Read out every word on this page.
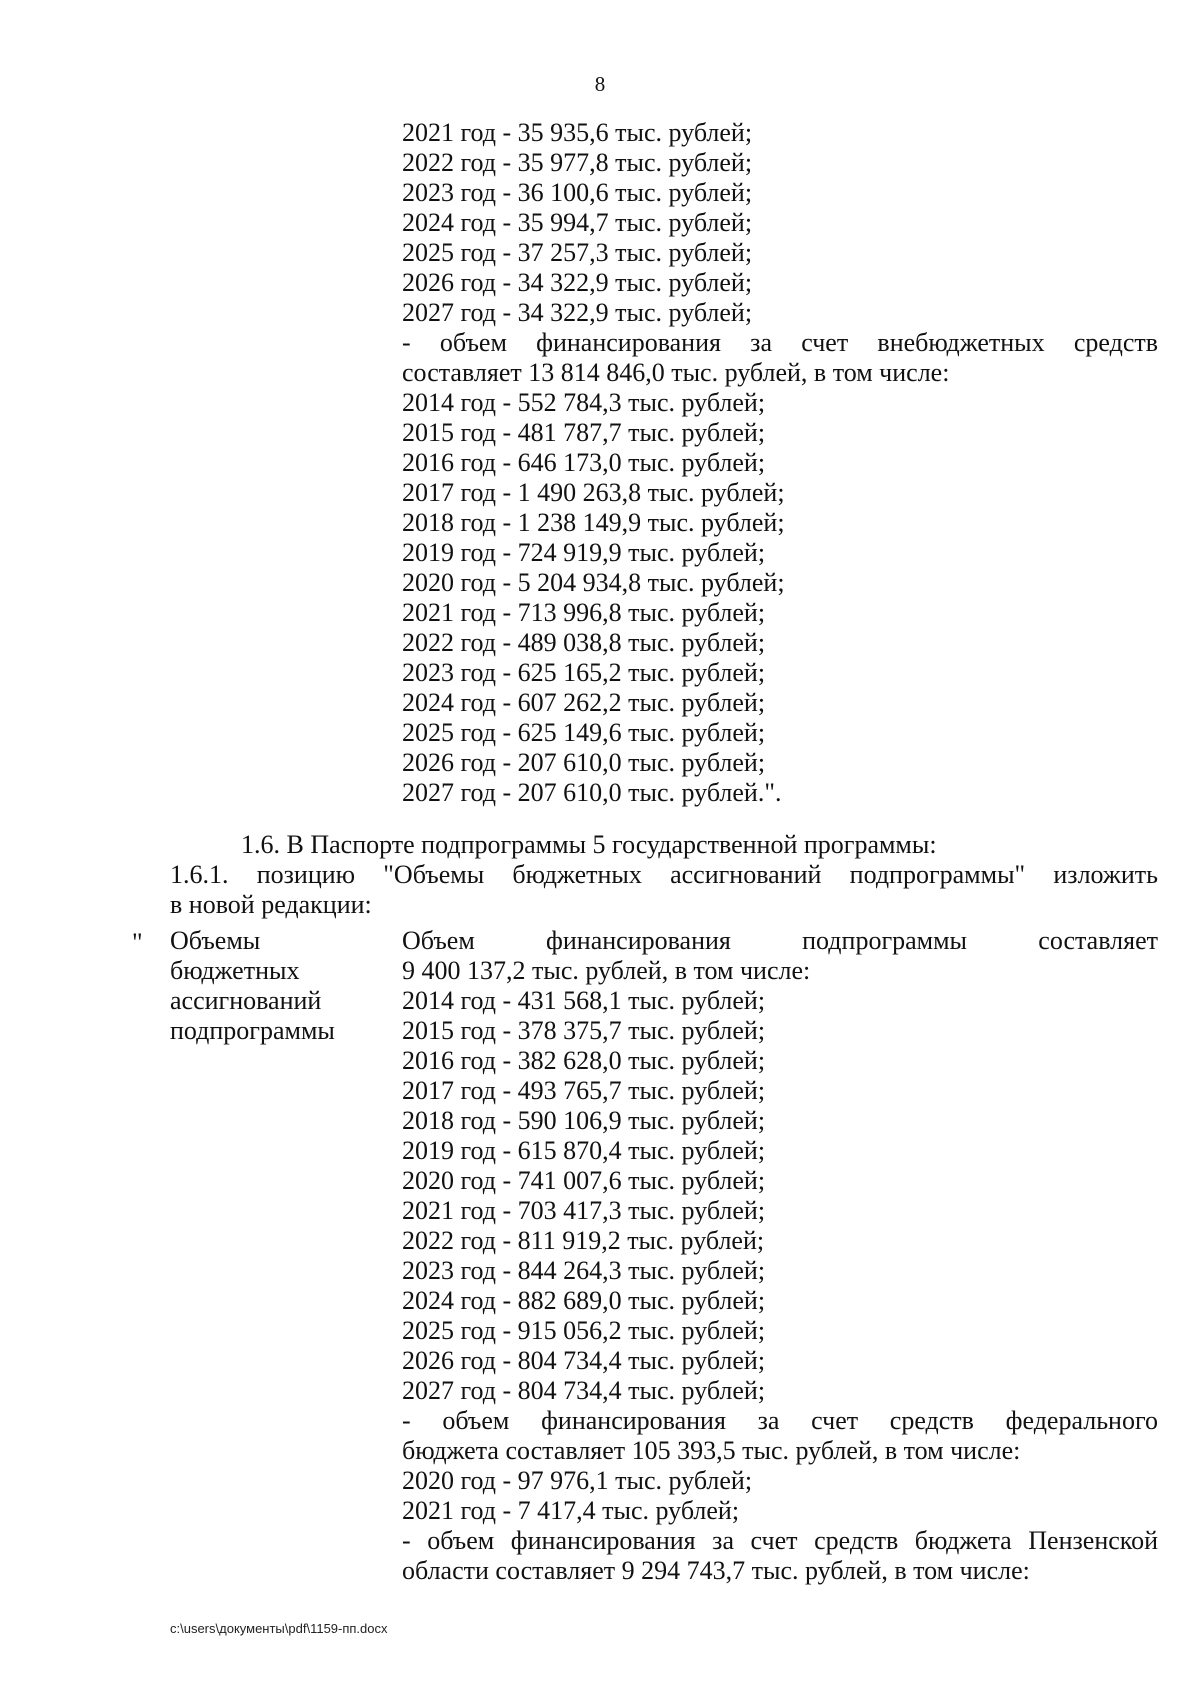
8
2021 год - 35 935,6 тыс. рублей;
2022 год - 35 977,8 тыс. рублей;
2023 год - 36 100,6 тыс. рублей;
2024 год - 35 994,7 тыс. рублей;
2025 год - 37 257,3 тыс. рублей;
2026 год - 34 322,9 тыс. рублей;
2027 год - 34 322,9 тыс. рублей;
- объем финансирования за счет внебюджетных средств
составляет 13 814 846,0 тыс. рублей, в том числе:
2014 год - 552 784,3 тыс. рублей;
2015 год - 481 787,7 тыс. рублей;
2016 год - 646 173,0 тыс. рублей;
2017 год - 1 490 263,8 тыс. рублей;
2018 год - 1 238 149,9 тыс. рублей;
2019 год - 724 919,9 тыс. рублей;
2020 год - 5 204 934,8 тыс. рублей;
2021 год - 713 996,8 тыс. рублей;
2022 год - 489 038,8 тыс. рублей;
2023 год - 625 165,2 тыс. рублей;
2024 год - 607 262,2 тыс. рублей;
2025 год - 625 149,6 тыс. рублей;
2026 год - 207 610,0 тыс. рублей;
2027 год - 207 610,0 тыс. рублей.".
1.6. В Паспорте подпрограммы 5 государственной программы:
1.6.1. позицию "Объемы бюджетных ассигнований подпрограммы" изложить
в новой редакции:
" Объемы
бюджетных
ассигнований
подпрограммы
Объем финансирования подпрограммы составляет
9 400 137,2 тыс. рублей, в том числе:
2014 год - 431 568,1 тыс. рублей;
2015 год - 378 375,7 тыс. рублей;
2016 год - 382 628,0 тыс. рублей;
2017 год - 493 765,7 тыс. рублей;
2018 год - 590 106,9 тыс. рублей;
2019 год - 615 870,4 тыс. рублей;
2020 год - 741 007,6 тыс. рублей;
2021 год - 703 417,3 тыс. рублей;
2022 год - 811 919,2 тыс. рублей;
2023 год - 844 264,3 тыс. рублей;
2024 год - 882 689,0 тыс. рублей;
2025 год - 915 056,2 тыс. рублей;
2026 год - 804 734,4 тыс. рублей;
2027 год - 804 734,4 тыс. рублей;
- объем финансирования за счет средств федерального
бюджета составляет 105 393,5 тыс. рублей, в том числе:
2020 год - 97 976,1 тыс. рублей;
2021 год - 7 417,4 тыс. рублей;
- объем финансирования за счет средств бюджета Пензенской
области составляет 9 294 743,7 тыс. рублей, в том числе:
c:\users\документы\pdf\1159-пп.docx
